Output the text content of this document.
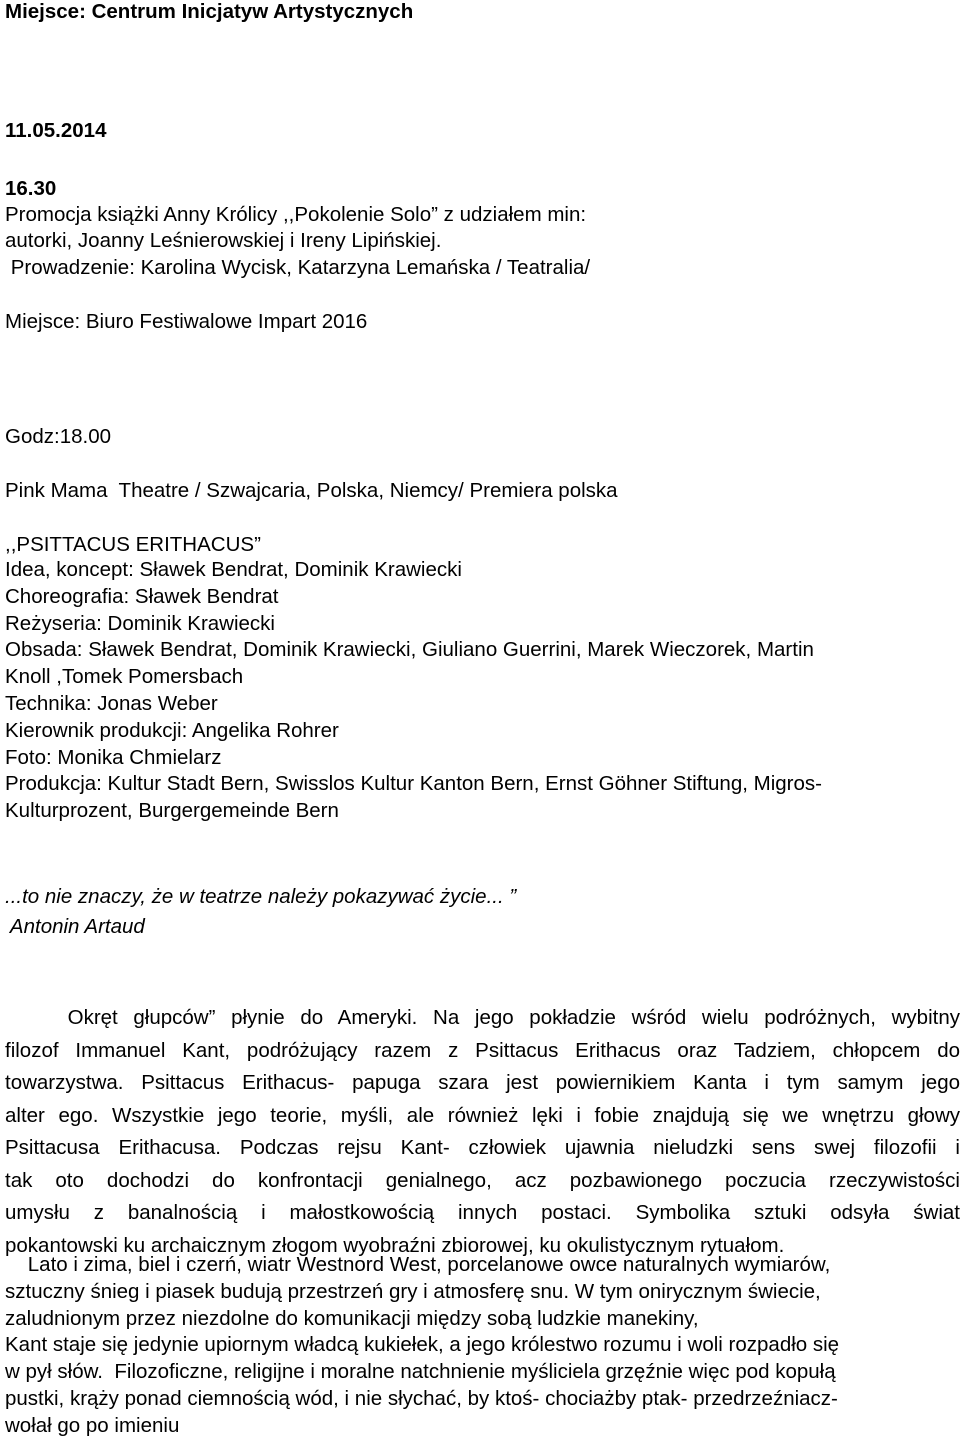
Miejsce: Centrum Inicjatyw Artystycznych
11.05.2014
16.30
Promocja książki Anny Królicy ,,Pokolenie Solo” z udziałem min:
autorki, Joanny Leśnierowskiej i Ireny Lipińskiej.
Prowadzenie: Karolina Wycisk, Katarzyna Lemańska / Teatralia/
Miejsce: Biuro Festiwalowe Impart 2016
Godz:18.00
Pink Mama  Theatre / Szwajcaria, Polska, Niemcy/ Premiera polska
,,PSITTACUS ERITHACUS”
Idea, koncept: Sławek Bendrat, Dominik Krawiecki
Choreografia: Sławek Bendrat
Reżyseria: Dominik Krawiecki
Obsada: Sławek Bendrat, Dominik Krawiecki, Giuliano Guerrini, Marek Wieczorek, Martin
Knoll ,Tomek Pomersbach
Technika: Jonas Weber
Kierownik produkcji: Angelika Rohrer
Foto: Monika Chmielarz
Produkcja: Kultur Stadt Bern, Swisslos Kultur Kanton Bern, Ernst Göhner Stiftung, Migros-
Kulturprozent, Burgergemeinde Bern
...to nie znaczy, że w teatrze należy pokazywać życie... ”
Antonin Artaud
Okręt głupców” płynie do Ameryki. Na jego pokładzie wśród wielu podróżnych, wybitny
filozof Immanuel Kant, podróżujący razem z Psittacus Erithacus oraz Tadziem, chłopcem do
towarzystwa. Psittacus Erithacus- papuga szara jest powiernikiem Kanta i tym samym jego
alter ego. Wszystkie jego teorie, myśli, ale również lęki i fobie znajdują się we wnętrzu głowy
Psittacusa Erithacusa. Podczas rejsu Kant- człowiek ujawnia nieludzki sens swej filozofii i
tak oto dochodzi do konfrontacji genialnego, acz pozbawionego poczucia rzeczywistości
umysłu z banalnością i małostkowością innych postaci. Symbolika sztuki odsyła świat
pokantowski ku archaicznym złogom wyobraźni zbiorowej, ku okulistycznym rytuałom.
Lato i zima, biel i czerń, wiatr Westnord West, porcelanowe owce naturalnych wymiarów,
sztuczny śnieg i piasek budują przestrzeń gry i atmosferę snu. W tym onirycznym świecie,
zaludnionym przez niezdolne do komunikacji między sobą ludzkie manekiny,
Kant staje się jedynie upiornym władcą kukiełek, a jego królestwo rozumu i woli rozpadło się
w pył słów.  Filozoficzne, religijne i moralne natchnienie myśliciela grzęźnie więc pod kopułą
pustki, krąży ponad ciemnością wód, i nie słychać, by ktoś- chociażby ptak- przedrzeźniacz-
wołał go po imieniu
